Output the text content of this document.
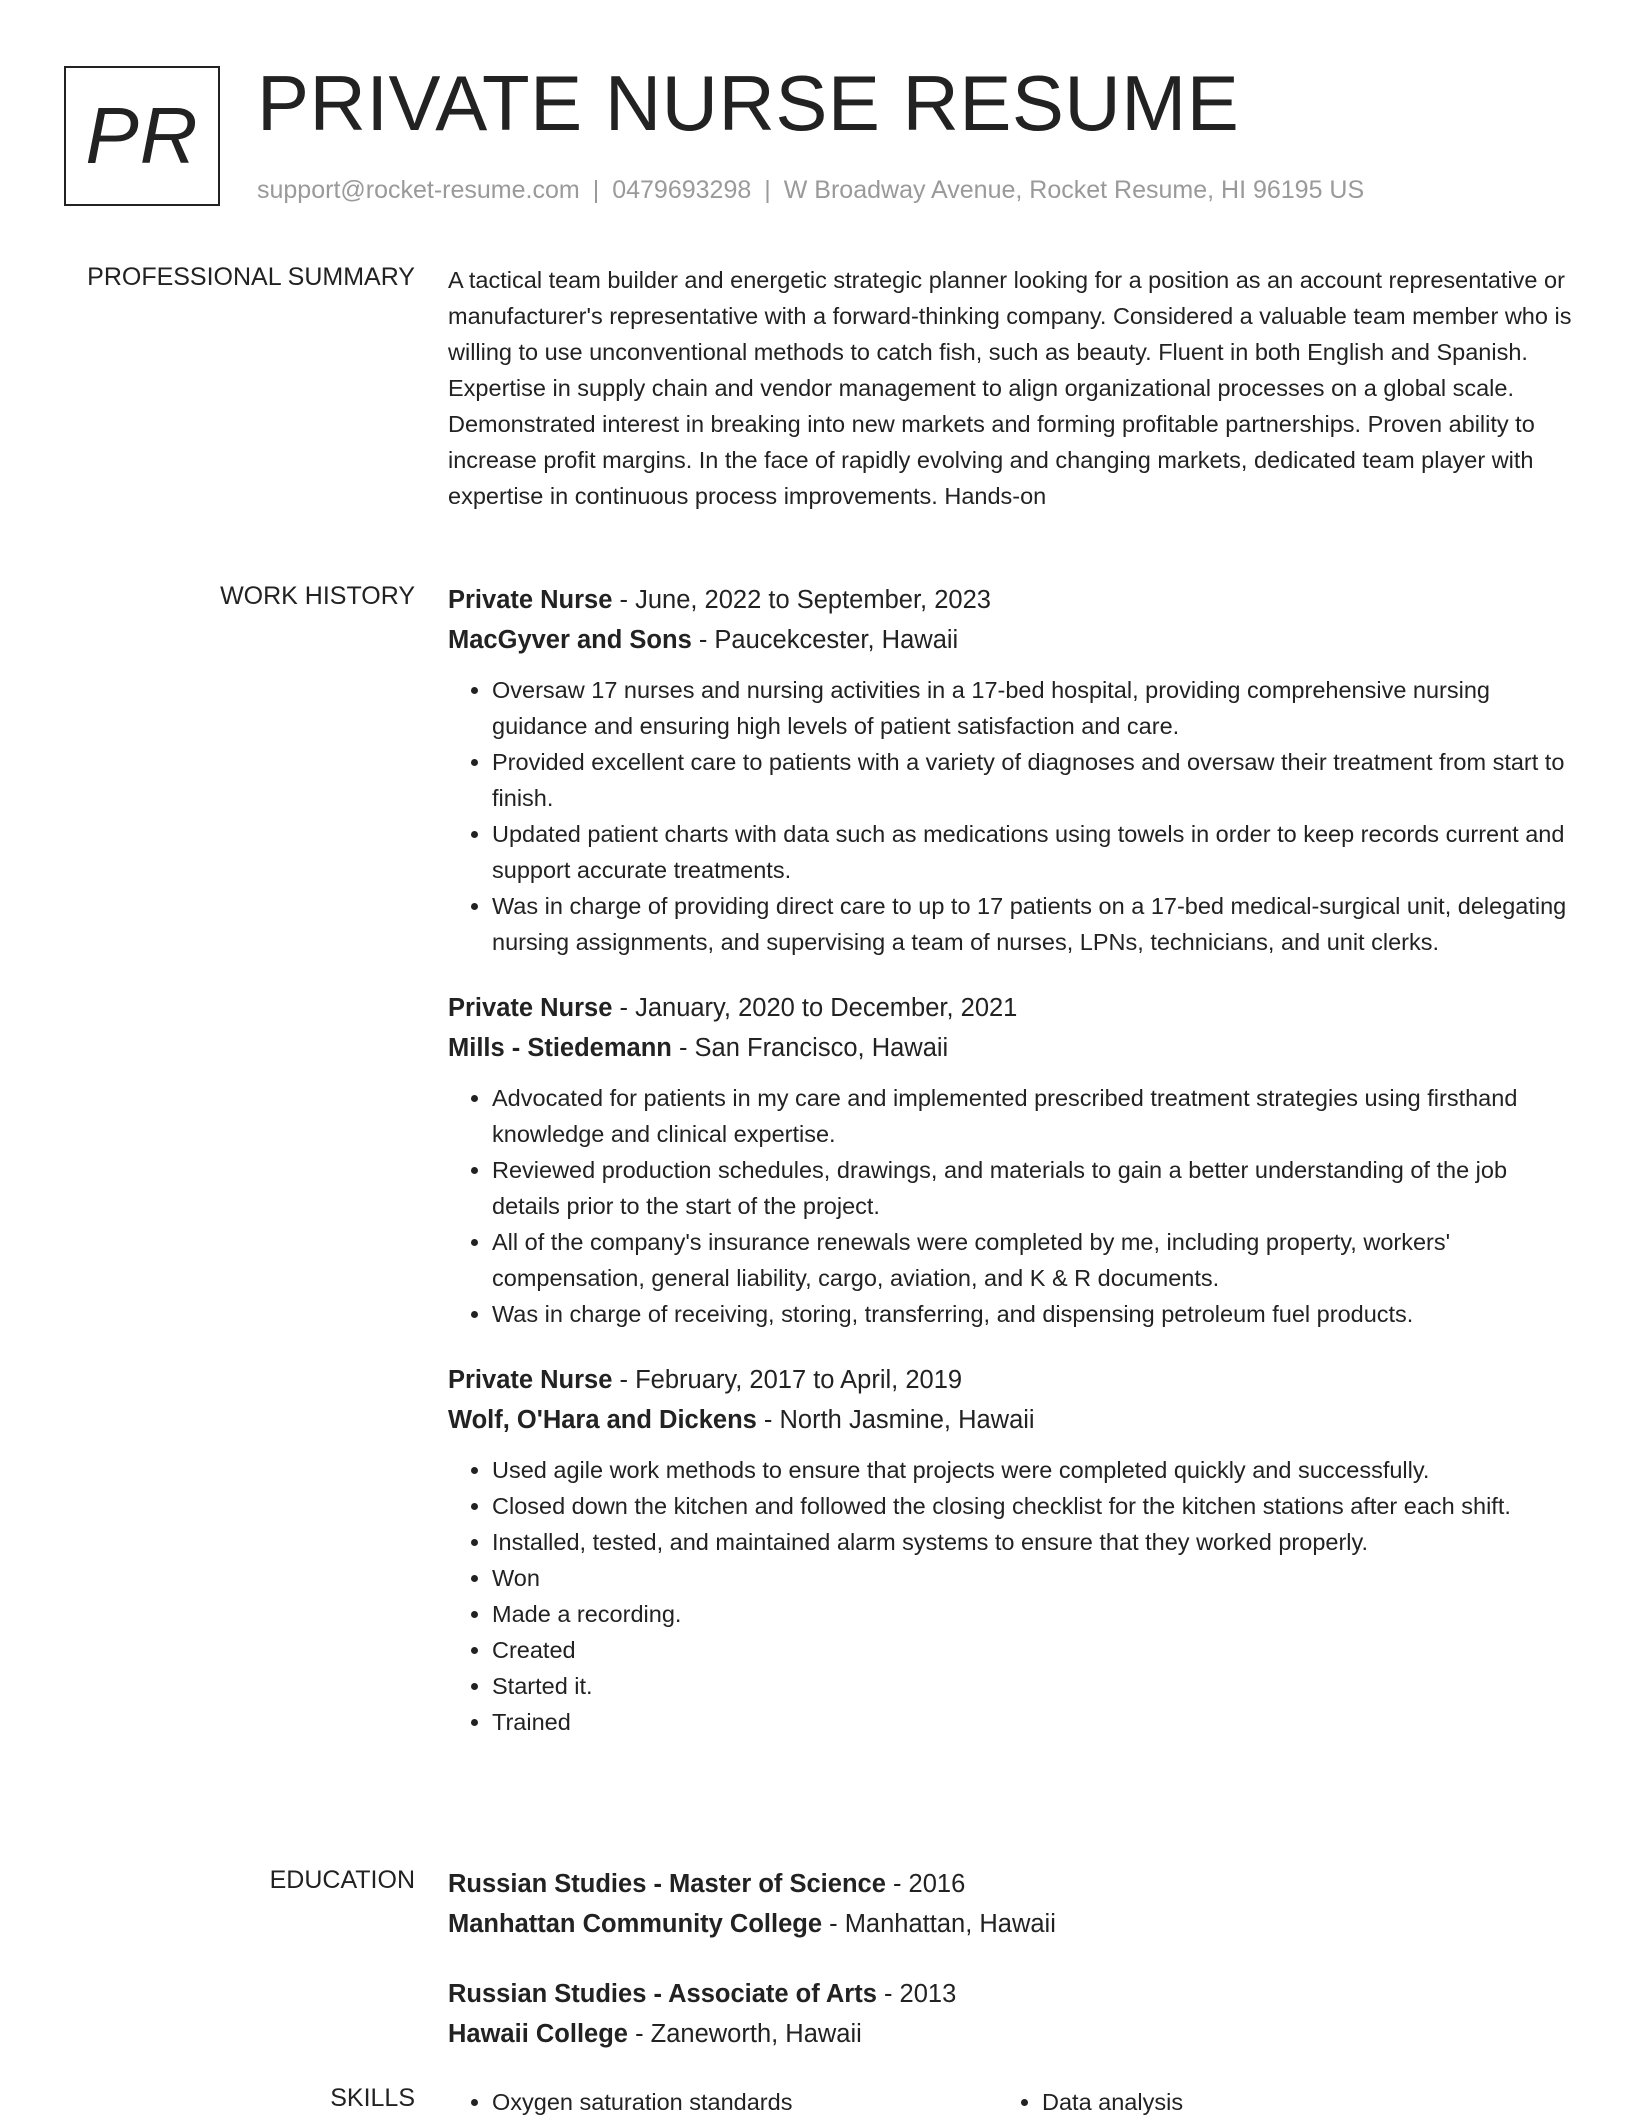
PR PRIVATE NURSE RESUME
support@rocket-resume.com | 0479693298 | W Broadway Avenue, Rocket Resume, HI 96195 US
PROFESSIONAL SUMMARY A tactical team builder and energetic strategic planner looking for a position as an account representative or manufacturer's representative with a forward-thinking company. Considered a valuable team member who is willing to use unconventional methods to catch fish, such as beauty. Fluent in both English and Spanish. Expertise in supply chain and vendor management to align organizational processes on a global scale. Demonstrated interest in breaking into new markets and forming profitable partnerships. Proven ability to increase profit margins. In the face of rapidly evolving and changing markets, dedicated team player with expertise in continuous process improvements. Hands-on

WORK HISTORY Private Nurse - June, 2022 to September, 2023
MacGyver and Sons - Paucekcester, Hawaii
• Oversaw 17 nurses and nursing activities in a 17-bed hospital, providing comprehensive nursing guidance and ensuring high levels of patient satisfaction and care.
• Provided excellent care to patients with a variety of diagnoses and oversaw their treatment from start to finish.
• Updated patient charts with data such as medications using towels in order to keep records current and support accurate treatments.
• Was in charge of providing direct care to up to 17 patients on a 17-bed medical-surgical unit, delegating nursing assignments, and supervising a team of nurses, LPNs, technicians, and unit clerks.
Private Nurse - January, 2020 to December, 2021
Mills - Stiedemann - San Francisco, Hawaii
• Advocated for patients in my care and implemented prescribed treatment strategies using firsthand knowledge and clinical expertise.
• Reviewed production schedules, drawings, and materials to gain a better understanding of the job details prior to the start of the project.
• All of the company's insurance renewals were completed by me, including property, workers' compensation, general liability, cargo, aviation, and K & R documents.
• Was in charge of receiving, storing, transferring, and dispensing petroleum fuel products.
Private Nurse - February, 2017 to April, 2019
Wolf, O'Hara and Dickens - North Jasmine, Hawaii
• Used agile work methods to ensure that projects were completed quickly and successfully.
• Closed down the kitchen and followed the closing checklist for the kitchen stations after each shift.
• Installed, tested, and maintained alarm systems to ensure that they worked properly.
• Won
• Made a recording.
• Created
• Started it.
• Trained
EDUCATION Russian Studies - Master of Science - 2016
Manhattan Community College - Manhattan, Hawaii
Russian Studies - Associate of Arts - 2013
Hawaii College - Zaneworth, Hawaii
SKILLS	• Oxygen saturation standards	• Data analysis
